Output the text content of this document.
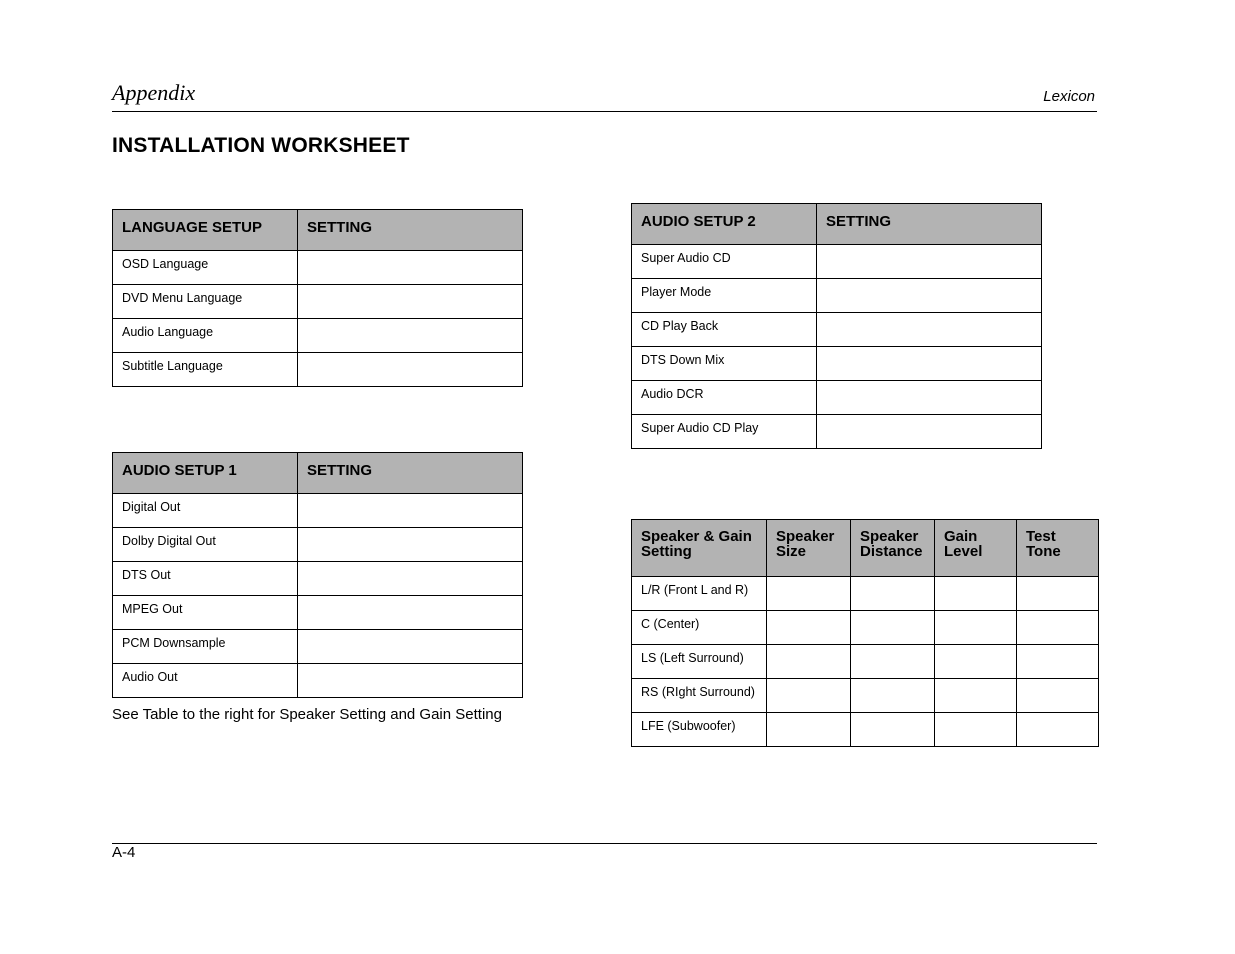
Appendix	Lexicon
INSTALLATION WORKSHEET
LANGUAGE SETUP	SETTING
OSD Language	
DVD Menu Language	
Audio Language	
Subtitle Language	
AUDIO SETUP 1	SETTING
Digital Out	
Dolby Digital Out	
DTS Out	
MPEG Out	
PCM Downsample	
Audio Out	
See Table to the right for Speaker Setting and Gain Setting
AUDIO SETUP 2	SETTING
Super Audio CD	
Player Mode	
CD Play Back	
DTS Down Mix	
Audio DCR	
Super Audio CD Play	
Speaker & Gain Setting	Speaker Size	Speaker Distance	Gain Level	Test Tone
L/R (Front L and R)				
C (Center)				
LS (Left Surround)				
RS (RIght Surround)				
LFE (Subwoofer)				
A-4
